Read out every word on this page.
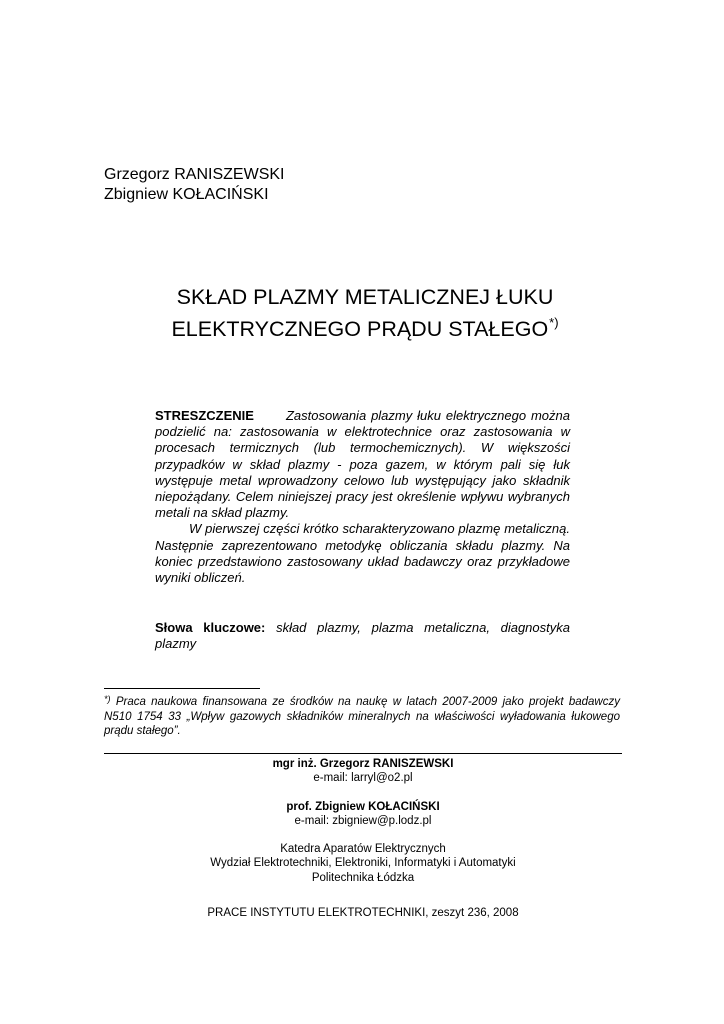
Grzegorz RANISZEWSKI
Zbigniew KOŁACIŃSKI
SKŁAD PLAZMY METALICZNEJ ŁUKU
ELEKTRYCZNEGO PRĄDU STAŁEGO*)

STRESZCZENIE Zastosowania plazmy łuku elektrycznego można podzielić na: zastosowania w elektrotechnice oraz zastosowania w procesach termicznych (lub termochemicznych). W większości przypadków w skład plazmy - poza gazem, w którym pali się łuk występuje metal wprowadzony celowo lub występujący jako składnik niepożądany. Celem niniejszej pracy jest określenie wpływu wybranych metali na skład plazmy.

W pierwszej części krótko scharakteryzowano plazmę metaliczną. Następnie zaprezentowano metodykę obliczania składu plazmy. Na koniec przedstawiono zastosowany układ badawczy oraz przykładowe wyniki obliczeń.

Słowa kluczowe: skład plazmy, plazma metaliczna, diagnostyka plazmy
*) Praca naukowa finansowana ze środków na naukę w latach 2007-2009 jako projekt badawczy N510 1754 33 „Wpływ gazowych składników mineralnych na właściwości wyładowania łukowego prądu stałego”.
mgr inż. Grzegorz RANISZEWSKI
e-mail: larryl@o2.pl
prof. Zbigniew KOŁACIŃSKI
e-mail: zbigniew@p.lodz.pl
Katedra Aparatów Elektrycznych
Wydział Elektrotechniki, Elektroniki, Informatyki i Automatyki
Politechnika Łódzka
PRACE INSTYTUTU ELEKTROTECHNIKI, zeszyt 236, 2008
